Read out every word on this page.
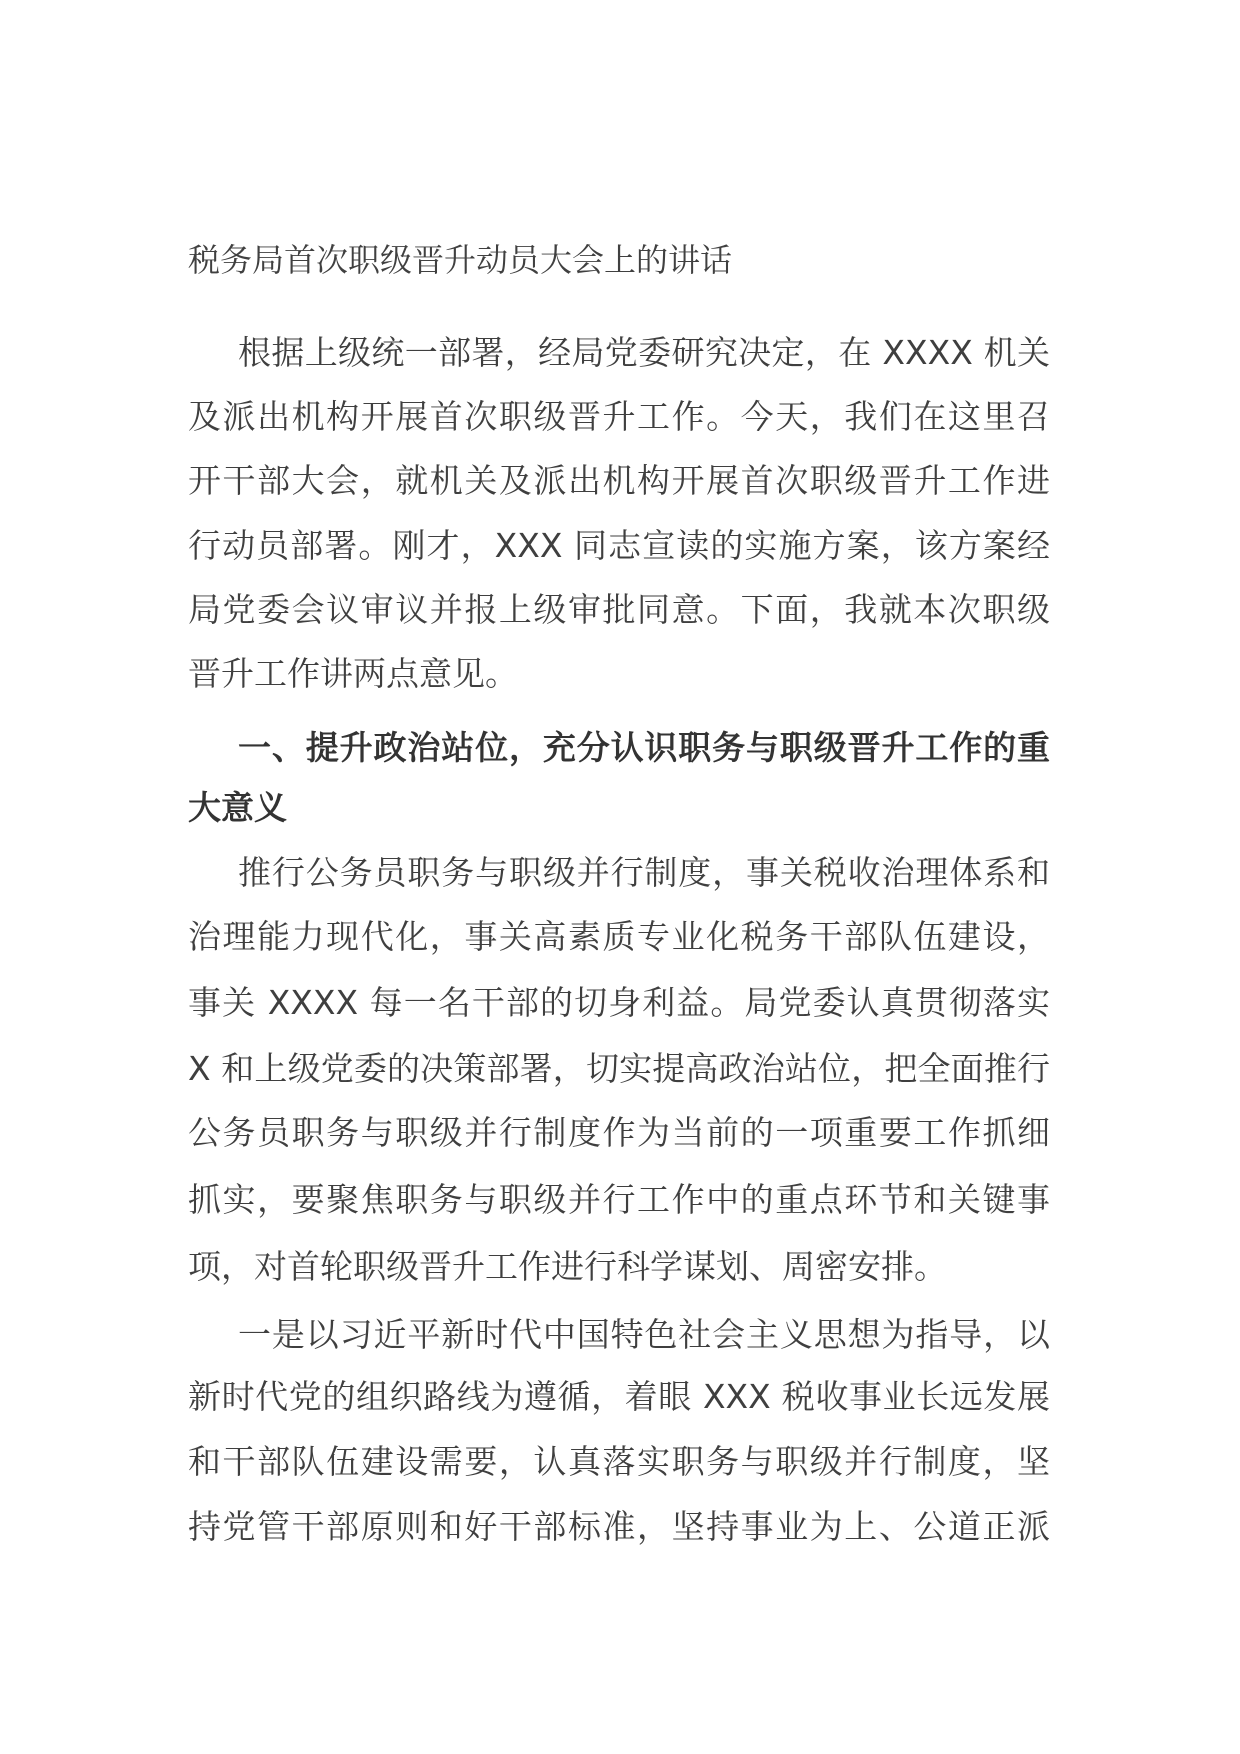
税务局首次职级晋升动员大会上的讲话
根据上级统一部署，经局党委研究决定，在 XXXX 机关
及派出机构开展首次职级晋升工作。今天，我们在这里召
开干部大会，就机关及派出机构开展首次职级晋升工作进
行动员部署。刚才，XXX 同志宣读的实施方案，该方案经
局党委会议审议并报上级审批同意。下面，我就本次职级
晋升工作讲两点意见。
一、提升政治站位，充分认识职务与职级晋升工作的重
大意义
推行公务员职务与职级并行制度，事关税收治理体系和
治理能力现代化，事关高素质专业化税务干部队伍建设，
事关 XXXX 每一名干部的切身利益。局党委认真贯彻落实
X 和上级党委的决策部署，切实提高政治站位，把全面推行
公务员职务与职级并行制度作为当前的一项重要工作抓细
抓实，要聚焦职务与职级并行工作中的重点环节和关键事
项，对首轮职级晋升工作进行科学谋划、周密安排。
一是以习近平新时代中国特色社会主义思想为指导，以
新时代党的组织路线为遵循，着眼 XXX 税收事业长远发展
和干部队伍建设需要，认真落实职务与职级并行制度，坚
持党管干部原则和好干部标准，坚持事业为上、公道正派
